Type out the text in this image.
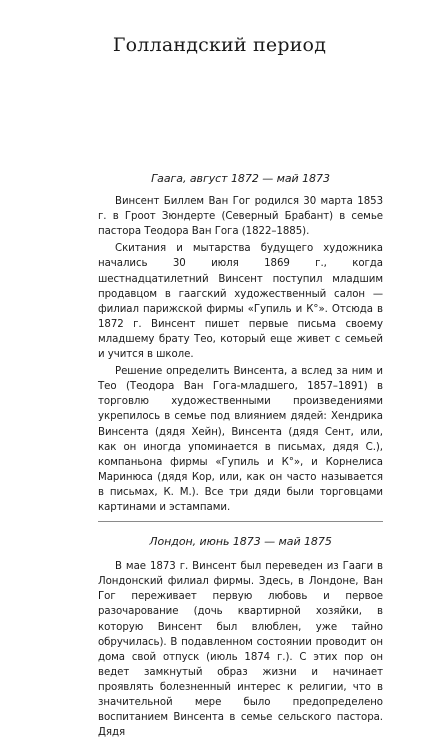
Голландский период
Гаага, август 1872 — май 1873

Винсент Биллем Ван Гог родился 30 марта 1853 г. в Гроот Зюндерте (Северный Брабант) в семье пастора Теодора Ван Гога (1822–1885).

Скитания и мытарства будущего художника начались 30 июля 1869 г., когда шестнадцатилетний Винсент поступил младшим продавцом в гаагский художественный салон — филиал парижской фирмы «Гупиль и К°». Отсюда в 1872 г. Винсент пишет первые письма своему младшему брату Тео, который еще живет с семьей и учится в школе.

Решение определить Винсента, а вслед за ним и Тео (Теодора Ван Гога-младшего, 1857–1891) в торговлю художественными произведениями укрепилось в семье под влиянием дядей: Хендрика Винсента (дядя Хейн), Винсента (дядя Сент, или, как он иногда упоминается в письмах, дядя С.), компаньона фирмы «Гупиль и К°», и Корнелиса Маринюса (дядя Кор, или, как он часто называется в письмах, К. М.). Все три дяди были торговцами картинами и эстампами.

Лондон, июнь 1873 — май 1875

В мае 1873 г. Винсент был переведен из Гааги в Лондонский филиал фирмы. Здесь, в Лондоне, Ван Гог переживает первую любовь и первое разочарование (дочь квартирной хозяйки, в которую Винсент был влюблен, уже тайно обручилась). В подавленном состоянии проводит он дома свой отпуск (июль 1874 г.). С этих пор он ведет замкнутый образ жизни и начинает проявлять болезненный интерес к религии, что в значительной мере было предопределено воспитанием Винсента в семье сельского пастора. Дядя
